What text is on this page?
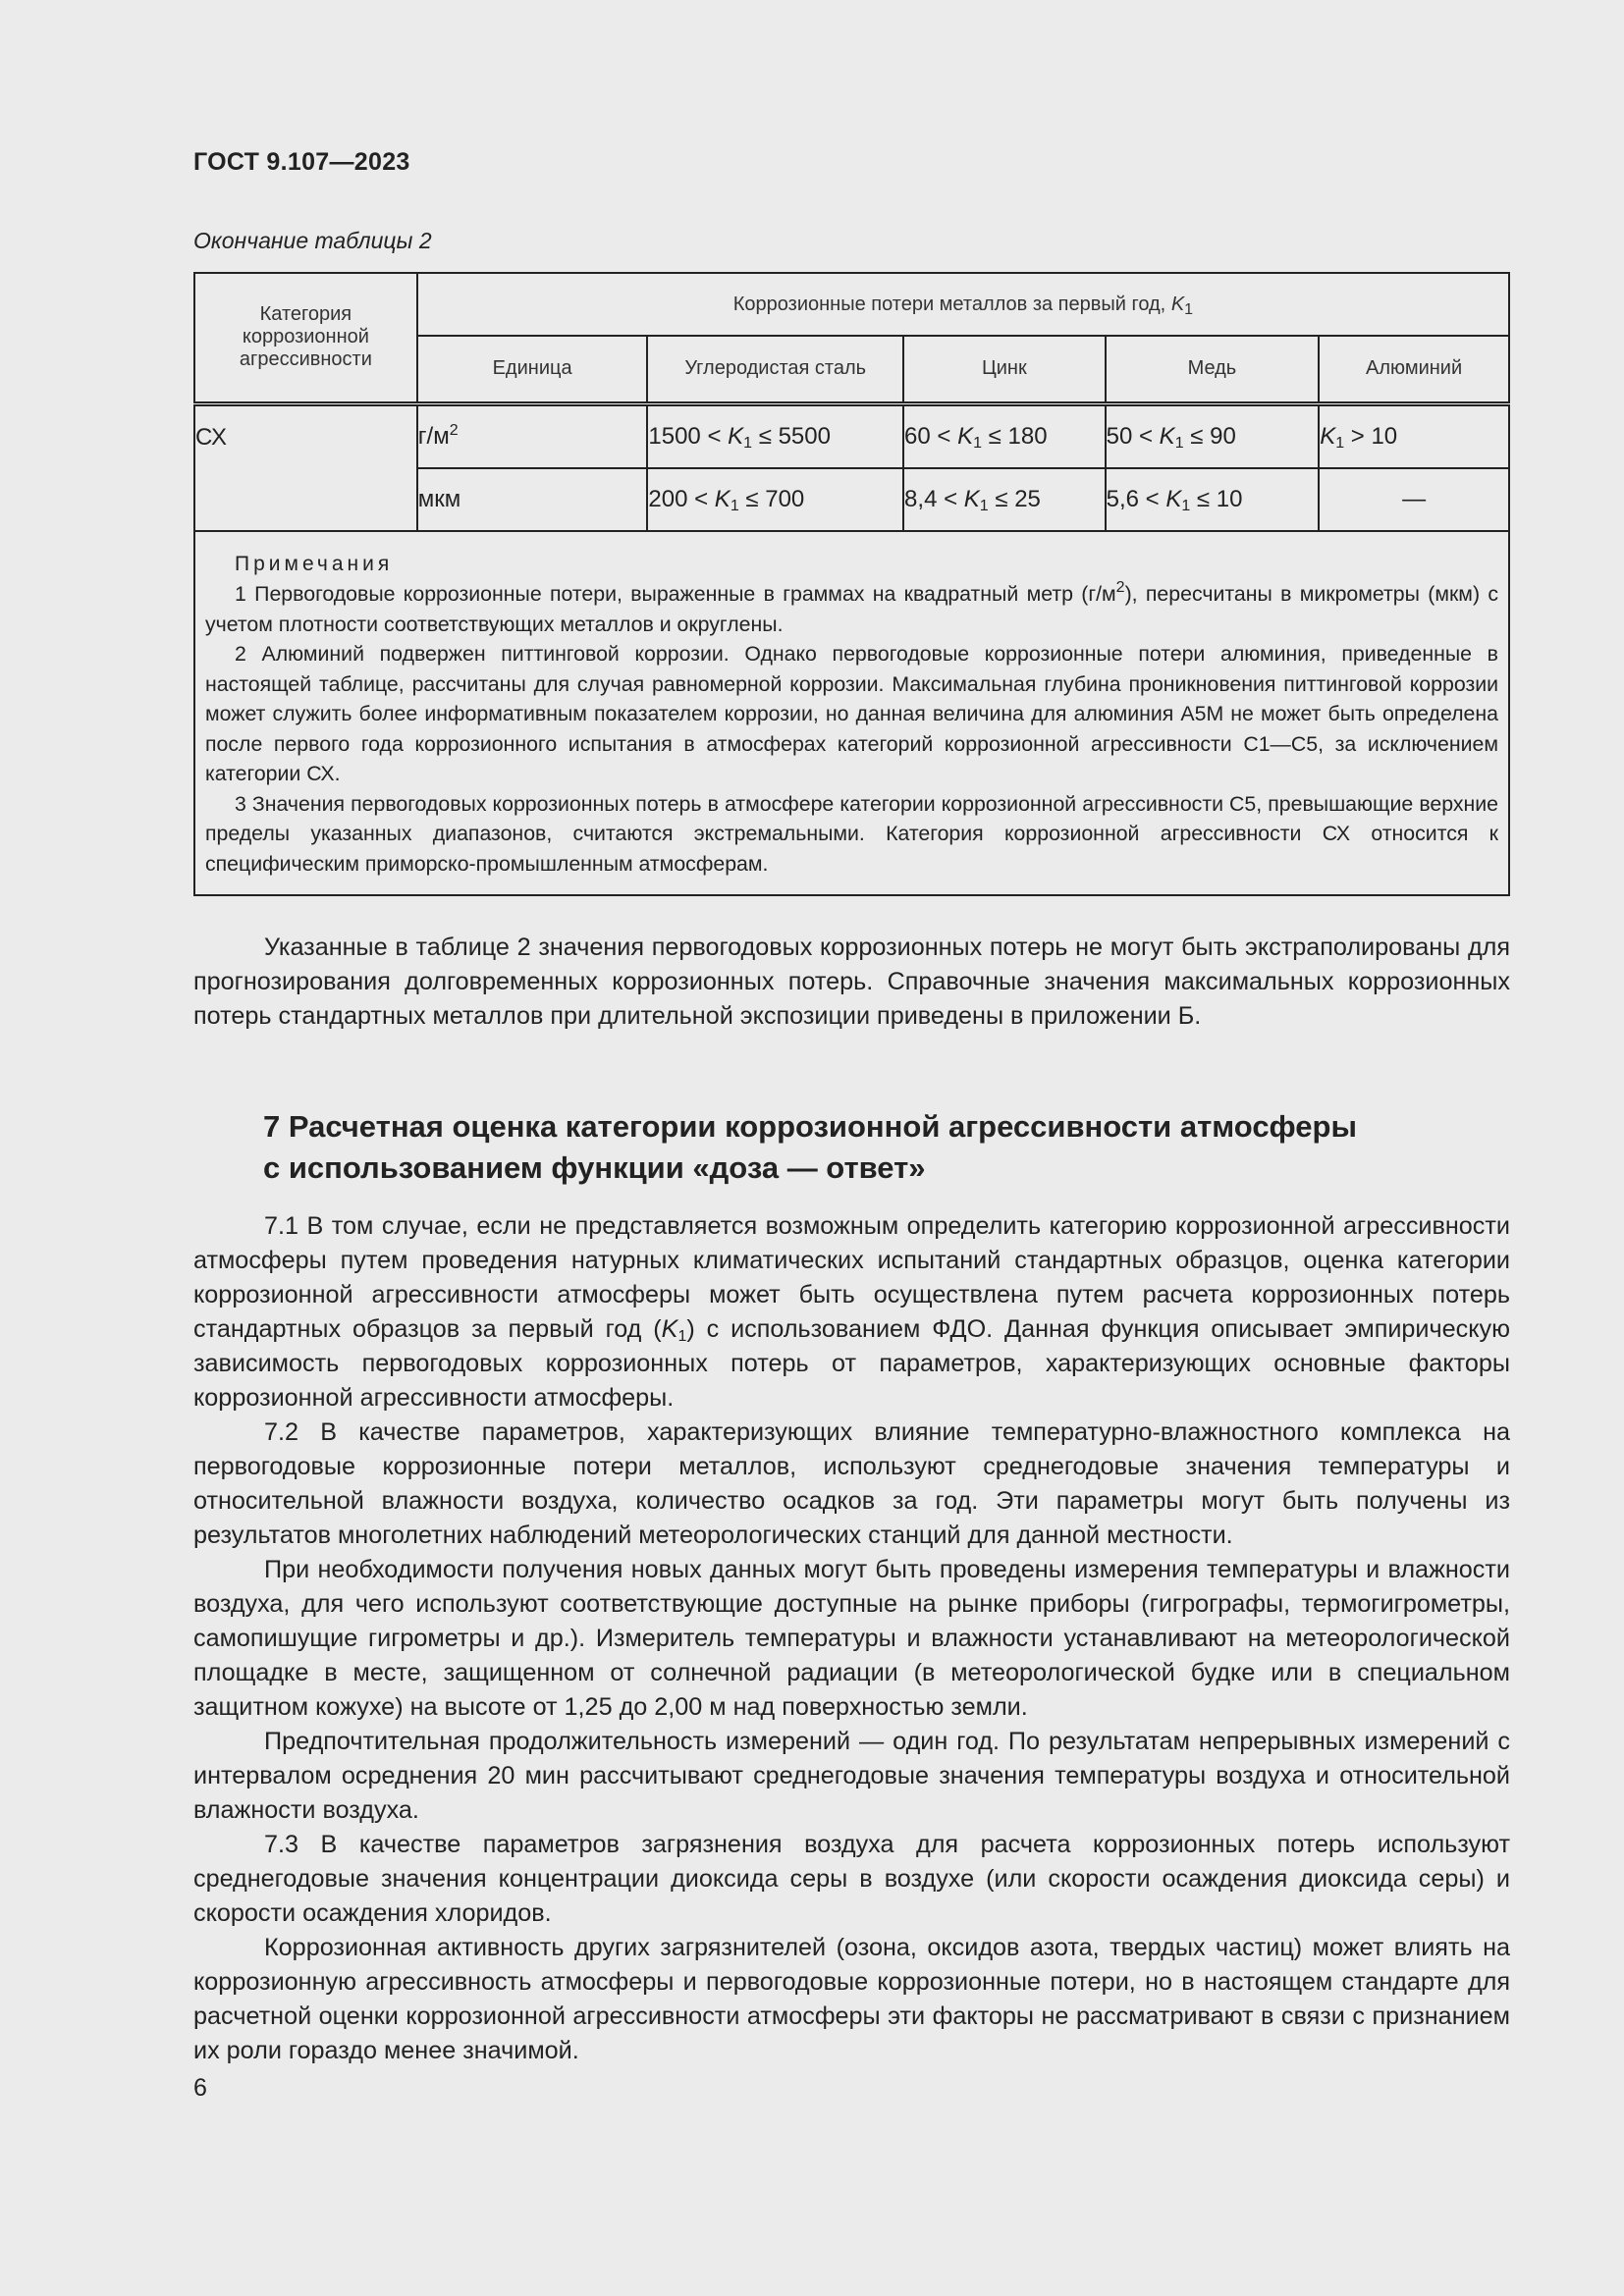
ГОСТ 9.107—2023
Окончание таблицы 2
Категория коррозионной агрессивности	Коррозионные потери металлов за первый год, $K_1$
	Единица	Углеродистая сталь	Цинк	Медь	Алюминий
СХ	$г/м^2$	$1500 < K_1 \le 5500$	$60 < K_1 \le 180$	$50 < K_1 \le 90$	$K_1 > 10$
	мкм	$200 < K_1 \le 700$	$8,4 < K_1 \le 25$	$5,6 < K_1 \le 10$	—

Примечания

1 Первогодовые коррозионные потери, выраженные в граммах на квадратный метр $(г/м^2)$, пересчитаны в микрометры (мкм) с учетом плотности соответствующих металлов и округлены.

2 Алюминий подвержен питтинговой коррозии. Однако первогодовые коррозионные потери алюминия, приведенные в настоящей таблице, рассчитаны для случая равномерной коррозии. Максимальная глубина проникновения питтинговой коррозии может служить более информативным показателем коррозии, но данная величина для алюминия А5М не может быть определена после первого года коррозионного испытания в атмосферах категорий коррозионной агрессивности С1—С5, за исключением категории СХ.

3 Значения первогодовых коррозионных потерь в атмосфере категории коррозионной агрессивности С5, превышающие верхние пределы указанных диапазонов, считаются экстремальными. Категория коррозионной агрессивности СХ относится к специфическим приморско-промышленным атмосферам.					

Указанные в таблице 2 значения первогодовых коррозионных потерь не могут быть экстраполированы для прогнозирования долговременных коррозионных потерь. Справочные значения максимальных коррозионных потерь стандартных металлов при длительной экспозиции приведены в приложении Б.

7 Расчетная оценка категории коррозионной агрессивности атмосферы
с использованием функции «доза — ответ»

7.1 В том случае, если не представляется возможным определить категорию коррозионной агрессивности атмосферы путем проведения натурных климатических испытаний стандартных образцов, оценка категории коррозионной агрессивности атмосферы может быть осуществлена путем расчета коррозионных потерь стандартных образцов за первый год $(K_1)$ с использованием ФДО. Данная функция описывает эмпирическую зависимость первогодовых коррозионных потерь от параметров, характеризующих основные факторы коррозионной агрессивности атмосферы.

7.2 В качестве параметров, характеризующих влияние температурно-влажностного комплекса на первогодовые коррозионные потери металлов, используют среднегодовые значения температуры и относительной влажности воздуха, количество осадков за год. Эти параметры могут быть получены из результатов многолетних наблюдений метеорологических станций для данной местности.

При необходимости получения новых данных могут быть проведены измерения температуры и влажности воздуха, для чего используют соответствующие доступные на рынке приборы (гигрографы, термогигрометры, самопишущие гигрометры и др.). Измеритель температуры и влажности устанавливают на метеорологической площадке в месте, защищенном от солнечной радиации (в метеорологической будке или в специальном защитном кожухе) на высоте от 1,25 до 2,00 м над поверхностью земли.

Предпочтительная продолжительность измерений — один год. По результатам непрерывных измерений с интервалом осреднения 20 мин рассчитывают среднегодовые значения температуры воздуха и относительной влажности воздуха.

7.3 В качестве параметров загрязнения воздуха для расчета коррозионных потерь используют среднегодовые значения концентрации диоксида серы в воздухе (или скорости осаждения диоксида серы) и скорости осаждения хлоридов.

Коррозионная активность других загрязнителей (озона, оксидов азота, твердых частиц) может влиять на коррозионную агрессивность атмосферы и первогодовые коррозионные потери, но в настоящем стандарте для расчетной оценки коррозионной агрессивности атмосферы эти факторы не рассматривают в связи с признанием их роли гораздо менее значимой.

6
